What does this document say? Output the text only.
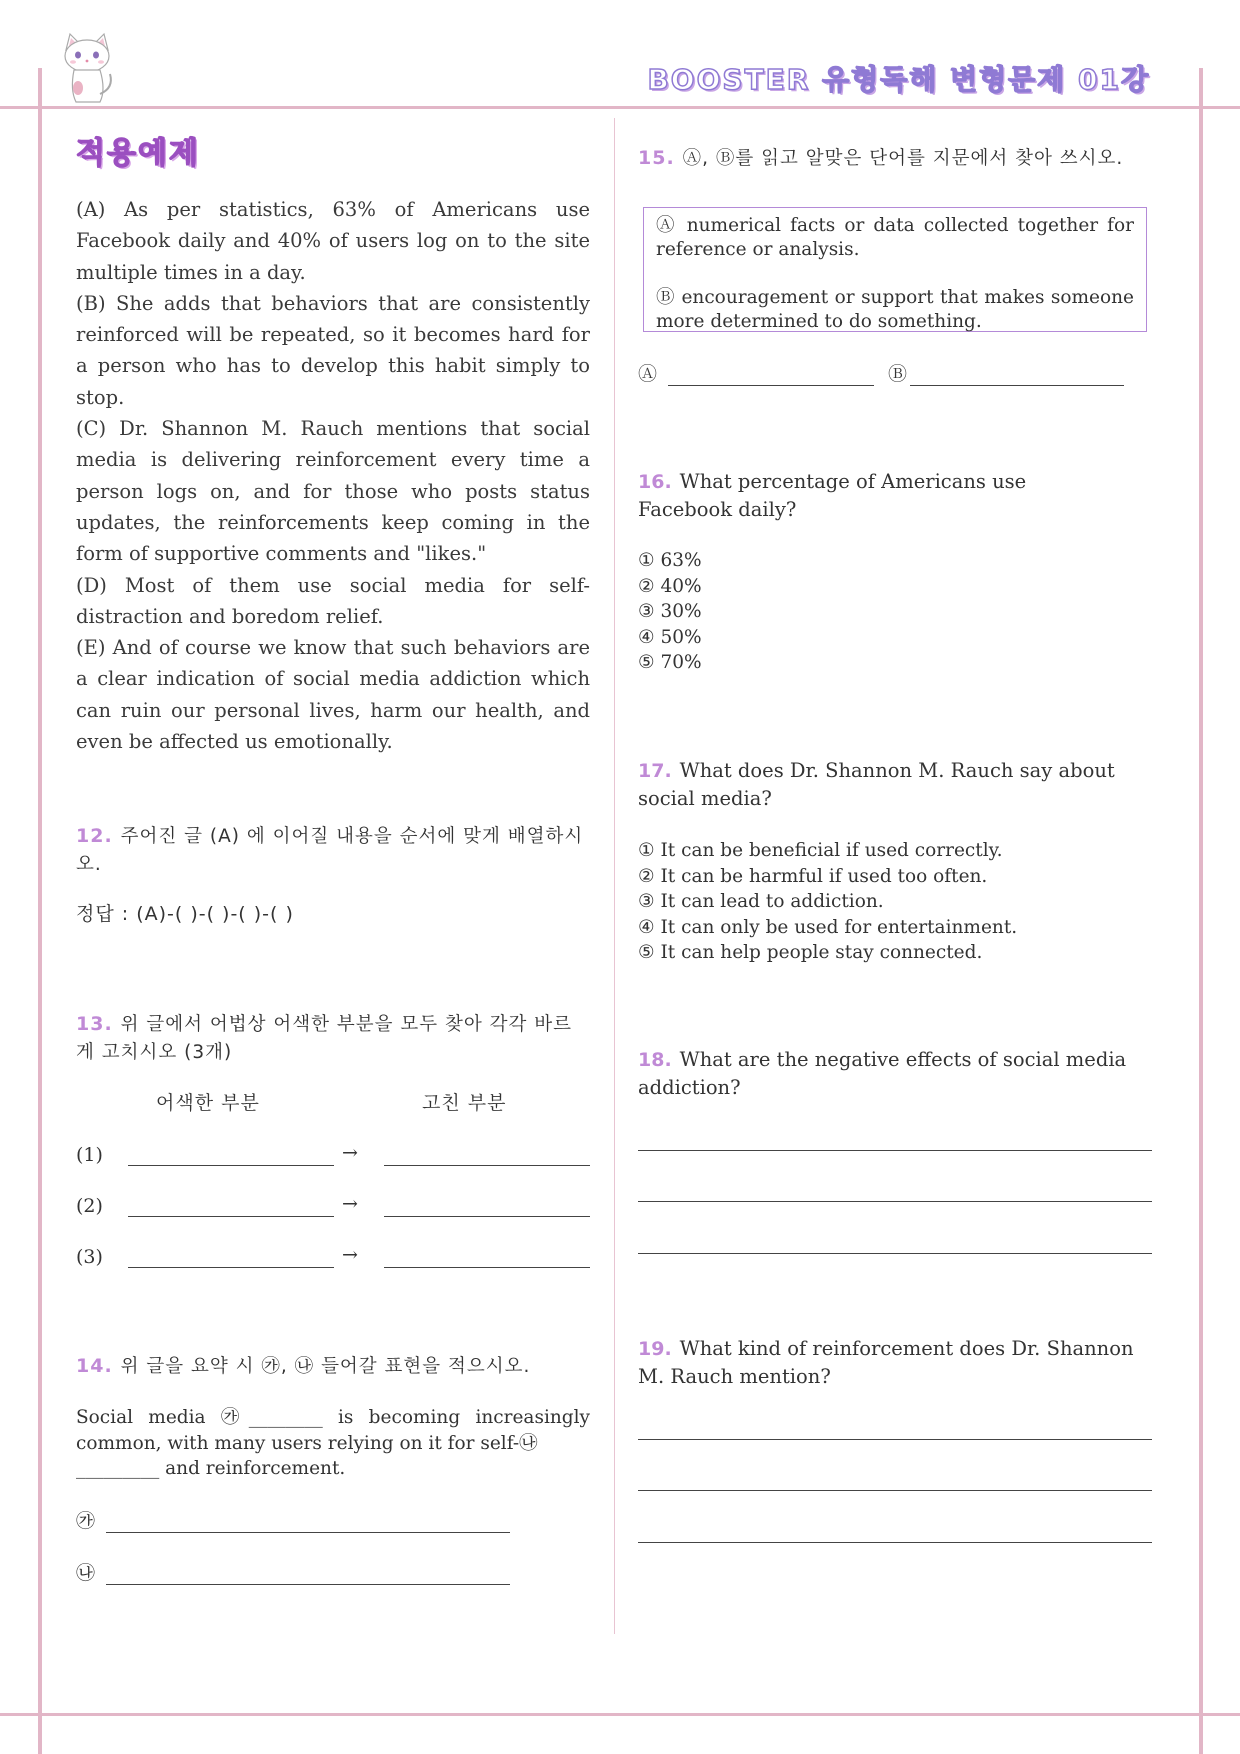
BOOSTER 유형독해 변형문제 01강
적용예제

(A) As per statistics, 63% of Americans use Facebook daily and 40% of users log on to the site multiple times in a day.

(B) She adds that behaviors that are consistently reinforced will be repeated, so it becomes hard for a person who has to develop this habit simply to stop.

(C) Dr. Shannon M. Rauch mentions that social media is delivering reinforcement every time a person logs on, and for those who posts status updates, the reinforcements keep coming in the form of supportive comments and "likes."

(D) Most of them use social media for self-distraction and boredom relief.

(E) And of course we know that such behaviors are a clear indication of social media addiction which can ruin our personal lives, harm our health, and even be affected us emotionally.

12. 주어진 글 (A) 에 이어질 내용을 순서에 맞게 배열하시오.
정답 : (A)-( )-( )-( )-( )
13. 위 글에서 어법상 어색한 부분을 모두 찾아 각각 바르게 고치시오 (3개)
어색한 부분	고친 부분
(1)	→
(2)	→
(3)	→
14. 위 글을 요약 시 ㉮, ㉯ 들어갈 표현을 적으시오.
Social media ㉮________ is becoming increasingly common, with many users relying on it for self-㉯
_________ and reinforcement.
㉮
㉯
15. Ⓐ, Ⓑ를 읽고 알맞은 단어를 지문에서 찾아 쓰시오.

Ⓐ numerical facts or data collected together for reference or analysis.

Ⓑ encouragement or support that makes someone more determined to do something.

Ⓐ	Ⓑ
16. What percentage of Americans use Facebook daily?
① 63%
② 40%
③ 30%
④ 50%
⑤ 70%
17. What does Dr. Shannon M. Rauch say about social media?
① It can be beneficial if used correctly.
② It can be harmful if used too often.
③ It can lead to addiction.
④ It can only be used for entertainment.
⑤ It can help people stay connected.
18. What are the negative effects of social media addiction?
19. What kind of reinforcement does Dr. Shannon M. Rauch mention?
